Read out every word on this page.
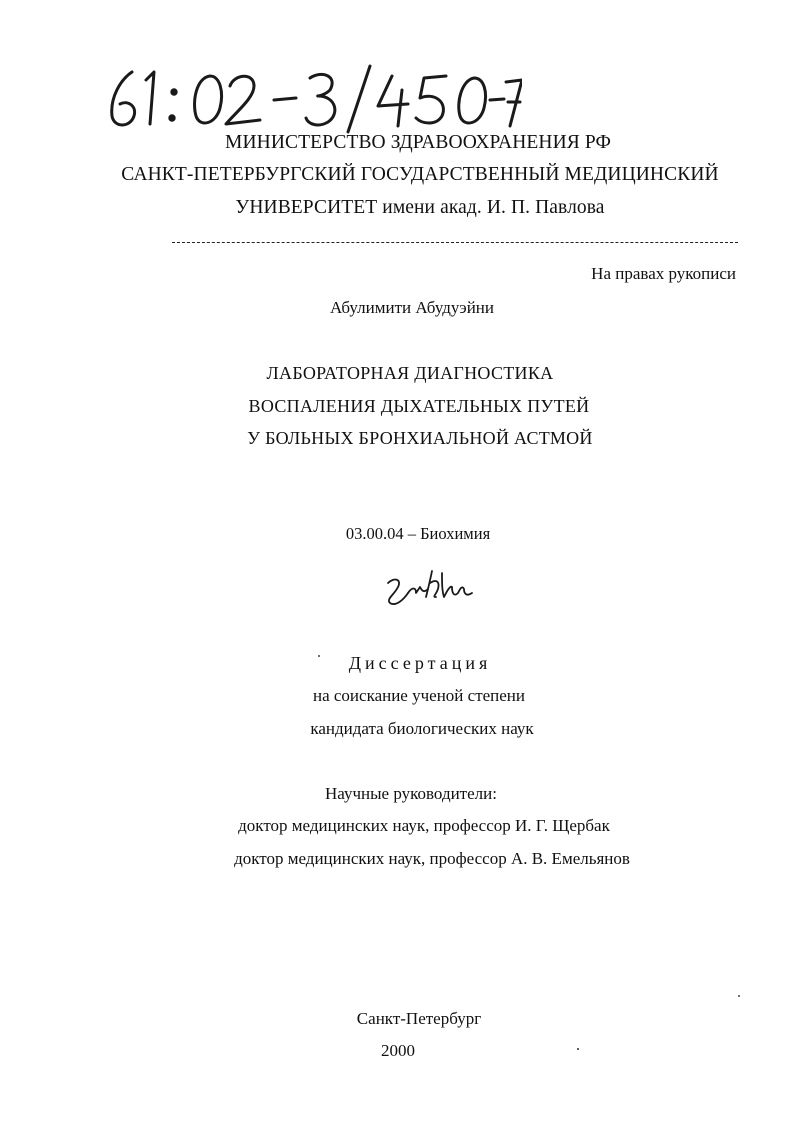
МИНИСТЕРСТВО ЗДРАВООХРАНЕНИЯ РФ
САНКТ-ПЕТЕРБУРГСКИЙ ГОСУДАРСТВЕННЫЙ МЕДИЦИНСКИЙ
УНИВЕРСИТЕТ имени акад. И. П. Павлова
На правах рукописи
Абулимити Абудуэйни
ЛАБОРАТОРНАЯ ДИАГНОСТИКА
ВОСПАЛЕНИЯ ДЫХАТЕЛЬНЫХ ПУТЕЙ
У БОЛЬНЫХ БРОНХИАЛЬНОЙ АСТМОЙ
03.00.04 – Биохимия
Диссертация
на соискание ученой степени
кандидата биологических наук
Научные руководители:
доктор медицинских наук, профессор И. Г. Щербак
доктор медицинских наук, профессор А. В. Емельянов
Санкт-Петербург
2000
